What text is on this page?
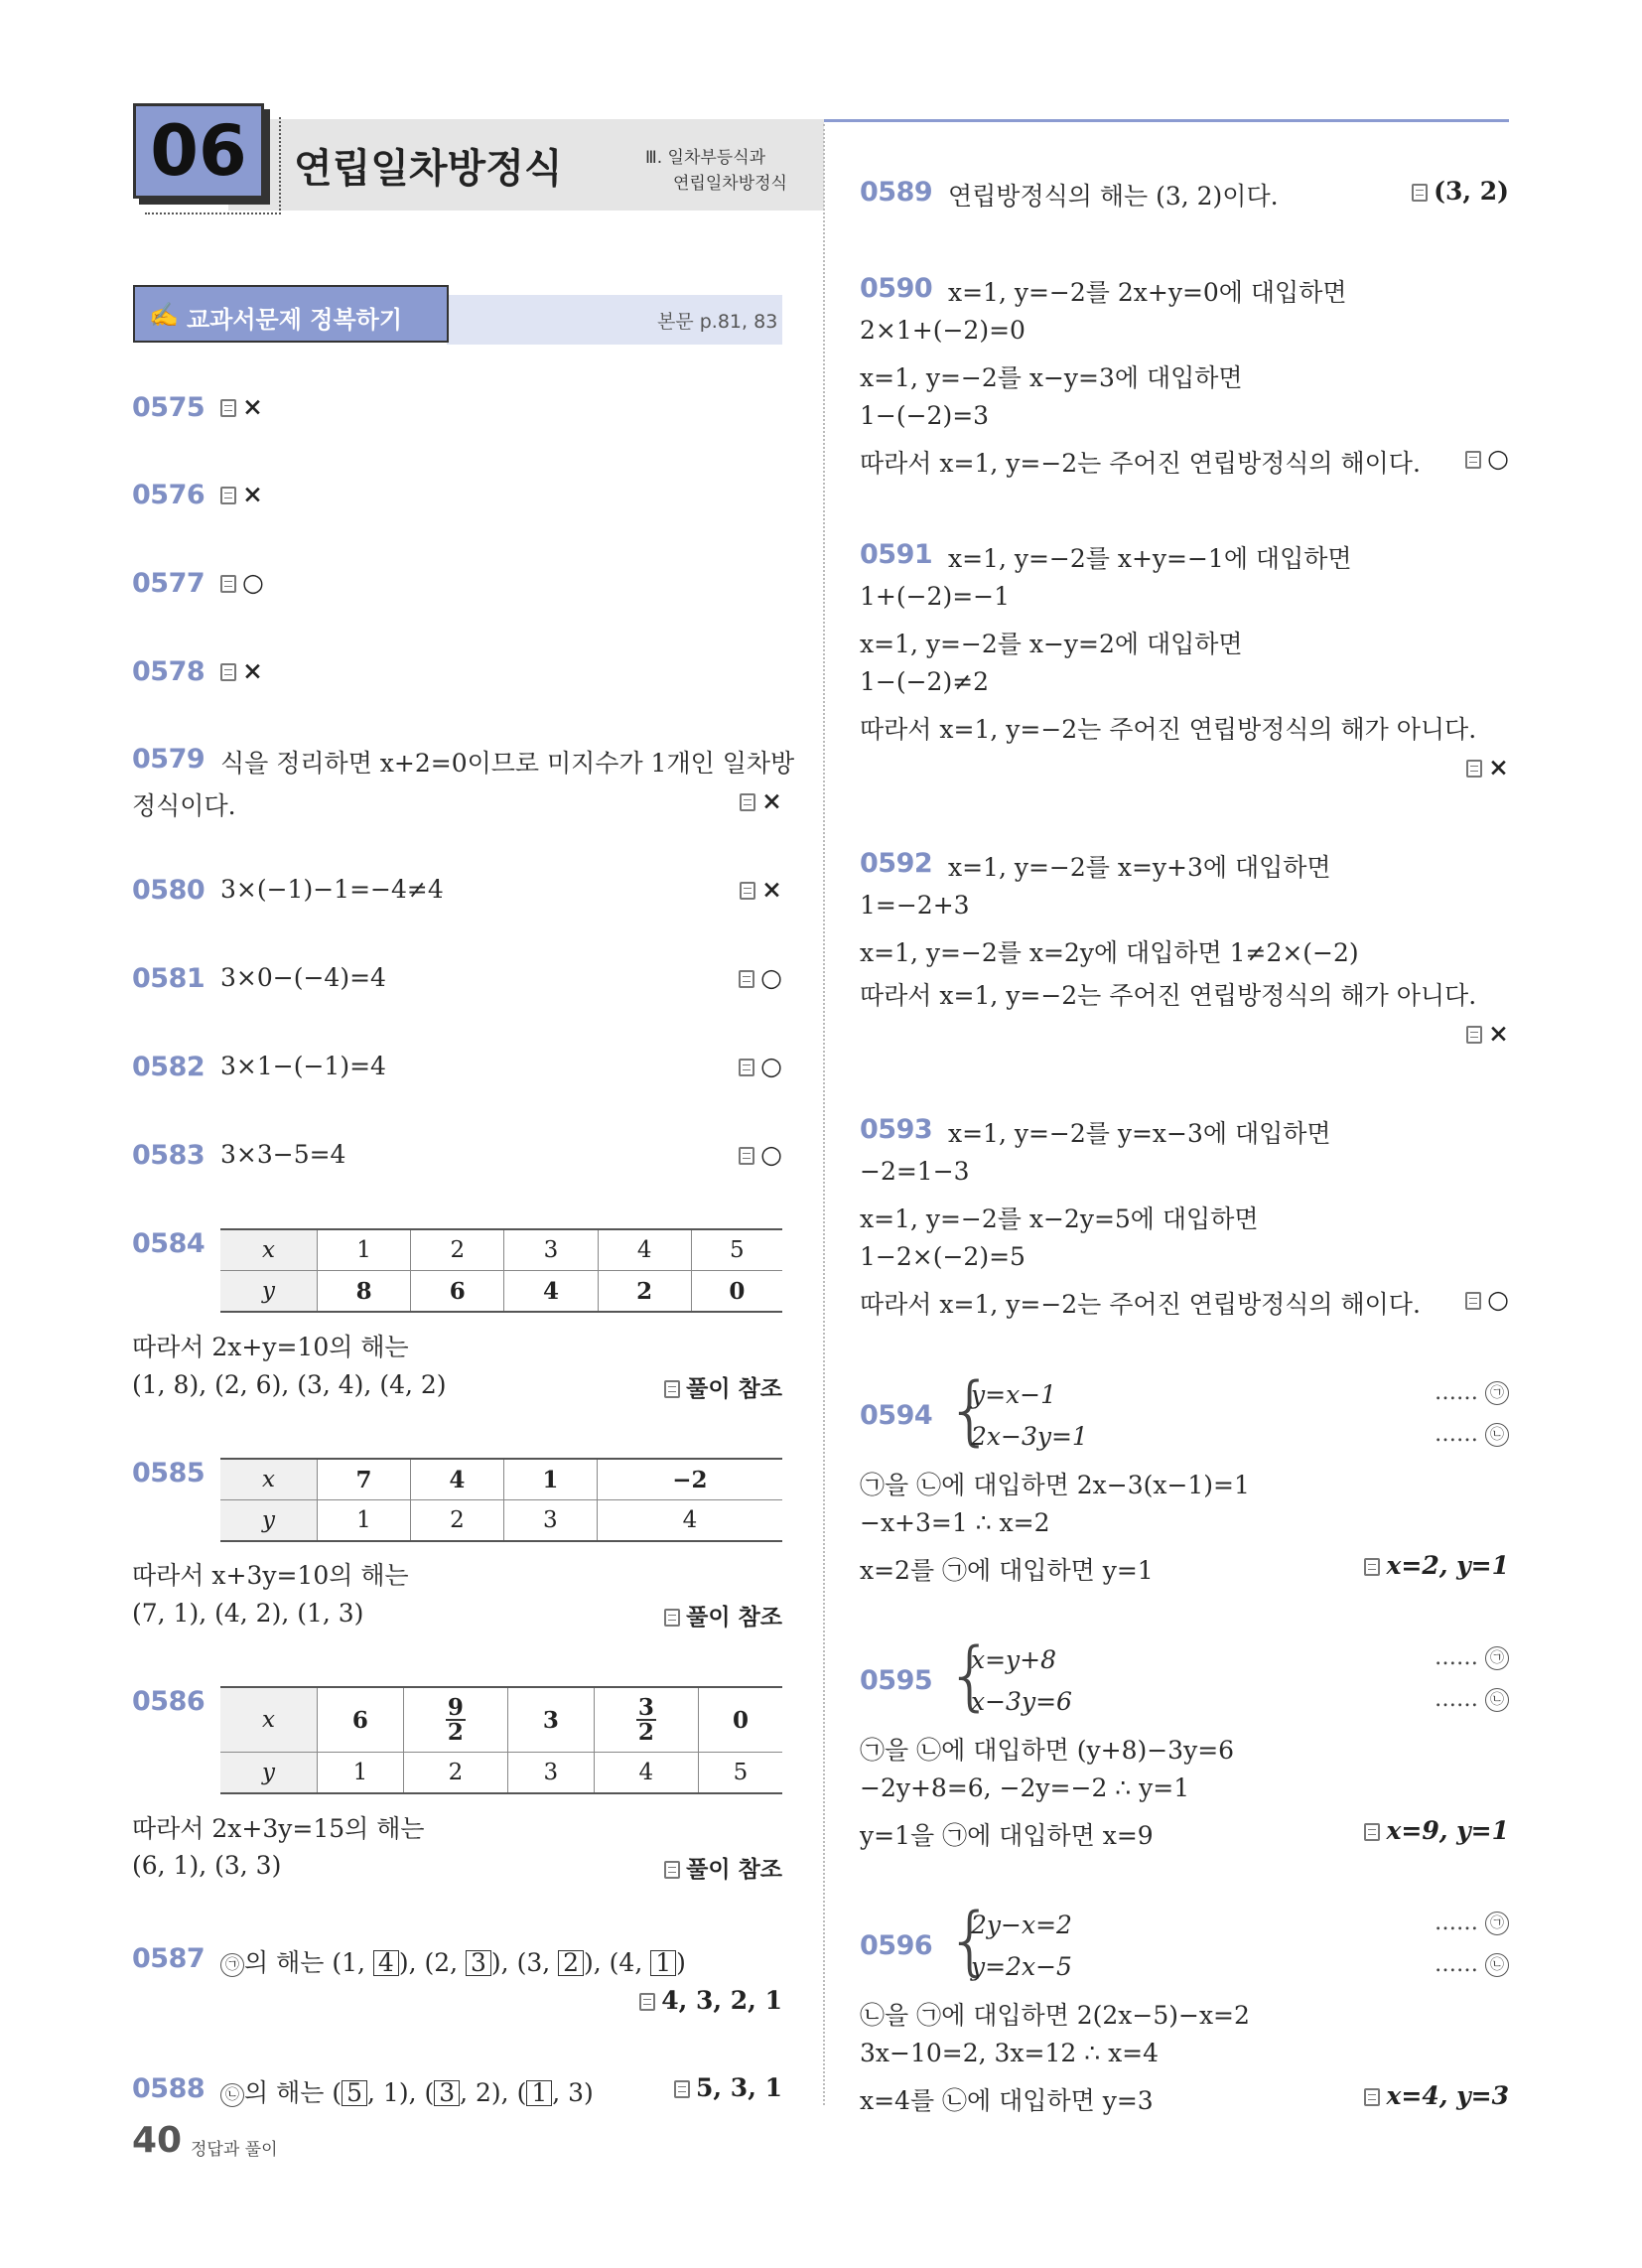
06	연립일차방정식	Ⅲ. 일차부등식과
연립일차방정식
✍ 교과서문제 정복하기	본문 p.81, 83
0575	×
0576	×
0577	○
0578	×
0579 식을 정리하면 x+2=0이므로 미지수가 1개인 일차방
정식이다.	×
0580 3×(−1)−1=−4≠4	×
0581 3×0−(−4)=4	○
0582 3×1−(−1)=4	○
0583 3×3−5=4	○
0584	x	1	2	3	4	5
y	8	6	4	2	0
따라서 2x+y=10의 해는
(1, 8), (2, 6), (3, 4), (4, 2)	풀이 참조
0585	x	7	4	1	−2
y	1	2	3	4
따라서 x+3y=10의 해는
(7, 1), (4, 2), (1, 3)	풀이 참조
0586
x	6	$\frac{9}{2}$	3	$\frac{3}{2}$	0
y	1	2	3	4	5
따라서 2x+3y=15의 해는
(6, 1), (3, 3)	풀이 참조
0587	㉠ 의 해는 (1, 4 ), (2, 3 ), (3, 2 ), (4, 1 )
4, 3, 2, 1
0588	㉡ 의 해는 ( 5 , 1), ( 3 , 2), ( 1 , 3)	5, 3, 1
0589 연립방정식의 해는 (3, 2)이다.	(3, 2)
0590 x=1, y=−2를 2x+y=0에 대입하면
2×1+(−2)=0
x=1, y=−2를 x−y=3에 대입하면
1−(−2)=3
따라서 x=1, y=−2는 주어진 연립방정식의 해이다.	○
0591 x=1, y=−2를 x+y=−1에 대입하면
1+(−2)=−1
x=1, y=−2를 x−y=2에 대입하면
1−(−2)≠2
따라서 x=1, y=−2는 주어진 연립방정식의 해가 아니다.
×
0592 x=1, y=−2를 x=y+3에 대입하면
1=−2+3
x=1, y=−2를 x=2y에 대입하면 1≠2×(−2)
따라서 x=1, y=−2는 주어진 연립방정식의 해가 아니다.
×
0593 x=1, y=−2를 y=x−3에 대입하면
−2=1−3
x=1, y=−2를 x−2y=5에 대입하면
1−2×(−2)=5
따라서 x=1, y=−2는 주어진 연립방정식의 해이다.	○
0594 {
y=x−1
2x−3y=1
…… ㉠
…… ㉡
㉠을 ㉡에 대입하면 2x−3(x−1)=1
−x+3=1 ∴ x=2
x=2를 ㉠에 대입하면 y=1	x=2, y=1
0595 {
x=y+8
x−3y=6
…… ㉠
…… ㉡
㉠을 ㉡에 대입하면 (y+8)−3y=6
−2y+8=6, −2y=−2 ∴ y=1
y=1을 ㉠에 대입하면 x=9	x=9, y=1
0596 {
2y−x=2
y=2x−5
…… ㉠
…… ㉡
㉡을 ㉠에 대입하면 2(2x−5)−x=2
3x−10=2, 3x=12 ∴ x=4
x=4를 ㉡에 대입하면 y=3	x=4, y=3
40 정답과 풀이
